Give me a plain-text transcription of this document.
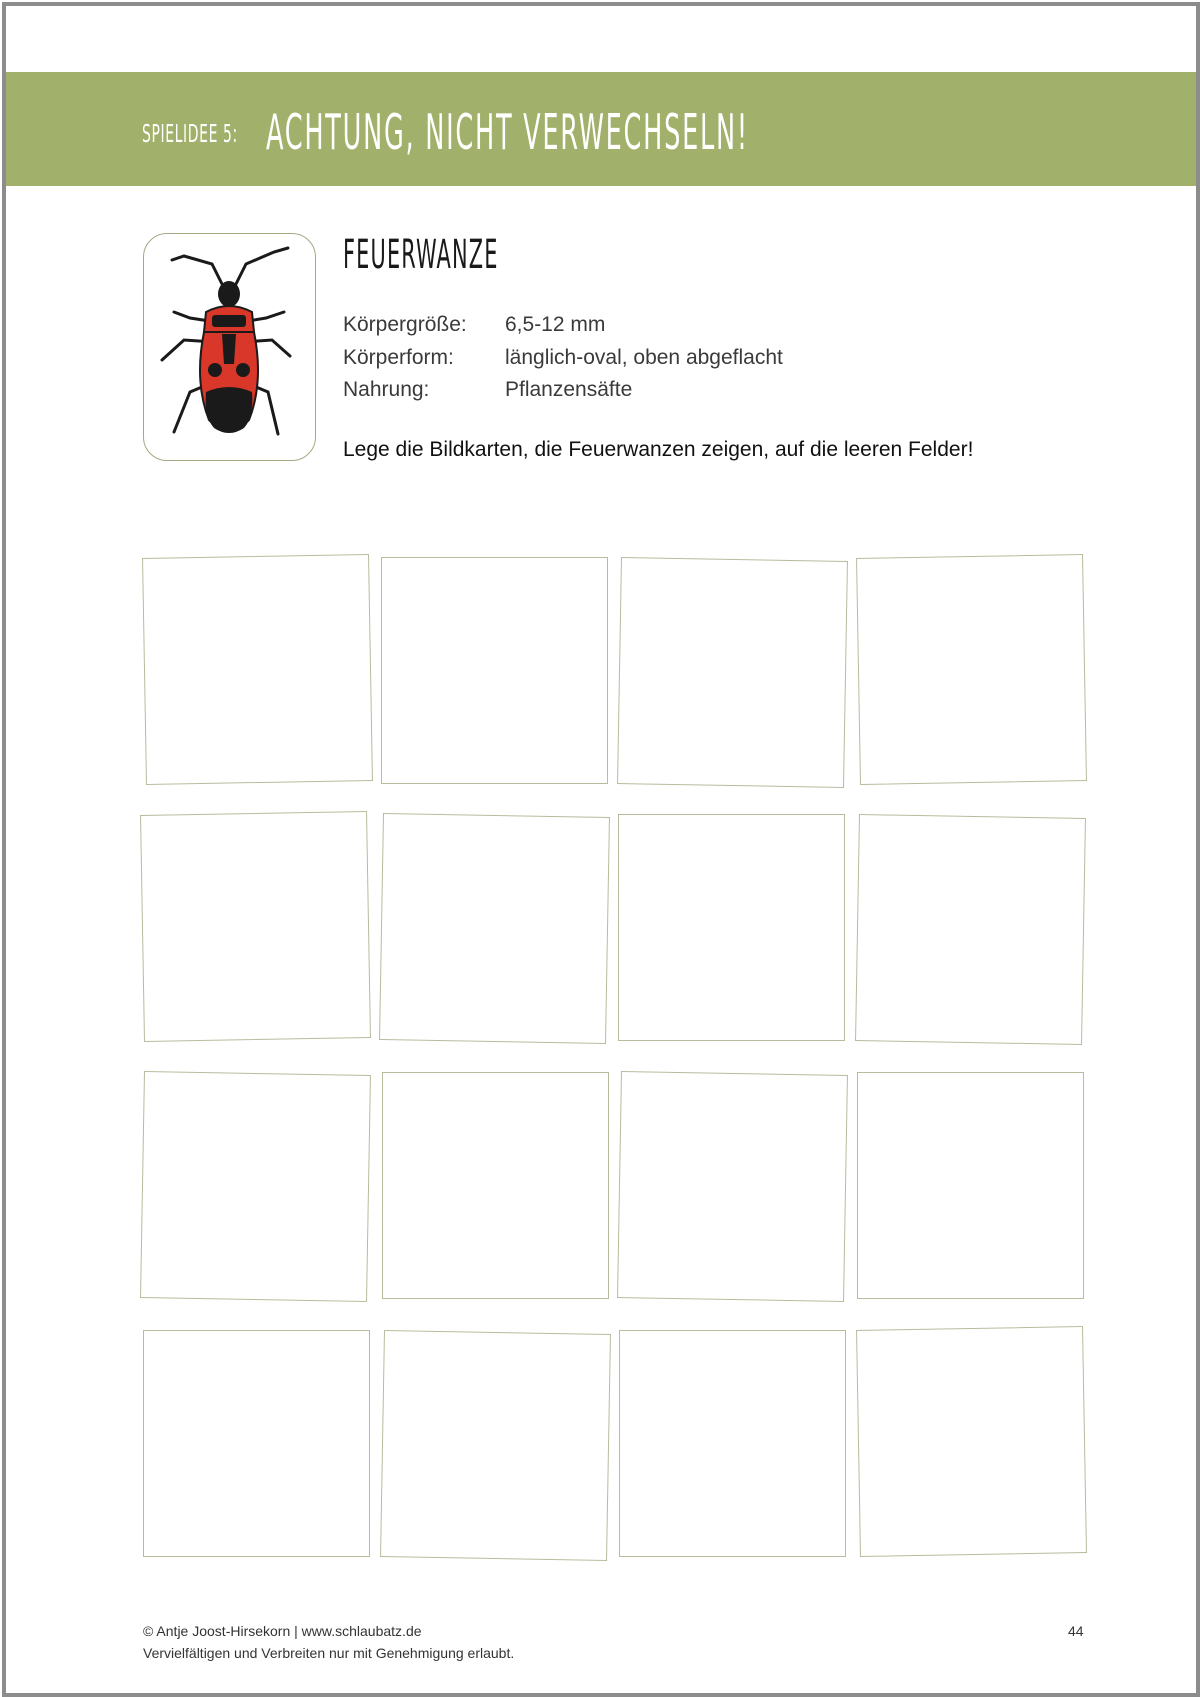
SPIELIDEE 5: ACHTUNG, NICHT VERWECHSELN!
FEUERWANZE
Körpergröße:	6,5-12 mm
Körperform:	länglich-oval, oben abgeflacht
Nahrung:	Pflanzensäfte
Lege die Bildkarten, die Feuerwanzen zeigen, auf die leeren Felder!
© Antje Joost-Hirsekorn | www.schlaubatz.de
Vervielfältigen und Verbreiten nur mit Genehmigung erlaubt.
44
